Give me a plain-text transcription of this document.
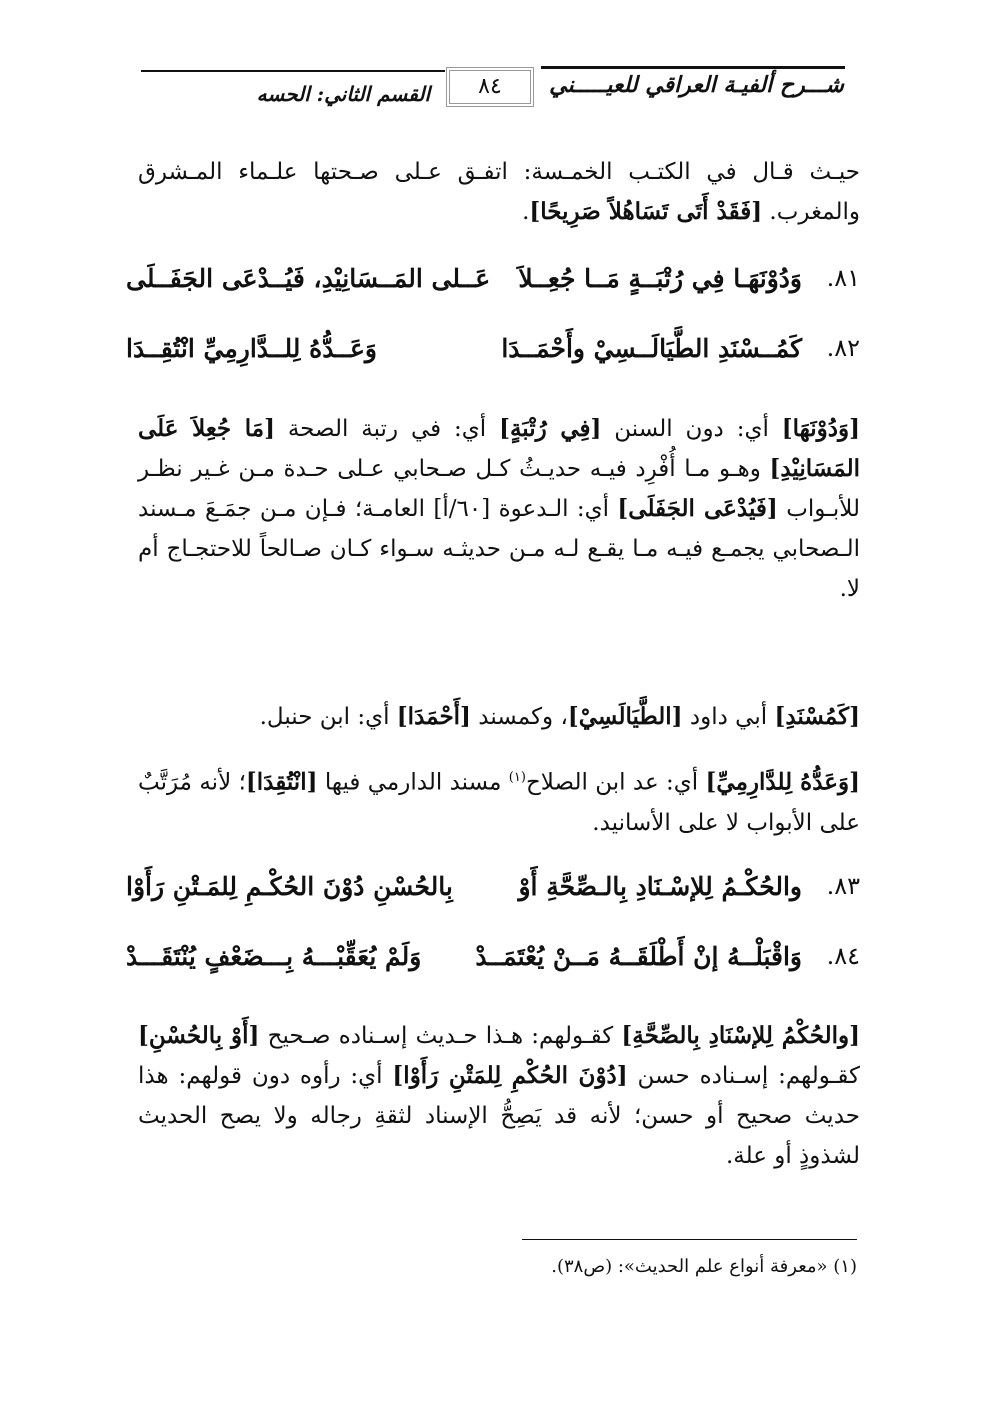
شـــرح ألفيـة العراقي للعيـــــني
٨٤
القسم الثاني: الحسه
حيـث قـال في الكتـب الخمـسة: اتفـق عـلى صـحتها علـماء المـشرق والمغرب. [فَقَدْ أَتَى تَسَاهُلاً صَرِيحًا].
٨١.
وَدُوْنَهَـا فِي رُتْبَــةٍ مَــا جُعِــلاَ
عَــلى المَــسَانِيْدِ، فَيُــدْعَى الجَفَــلَى
٨٢.
كَمُــسْنَدِ الطَّيَالَــسِيْ وأَحْمَــدَا
وَعَــدُّهُ لِلــدَّارِمِيِّ انْتُقِــدَا
[وَدُوْنَهَا] أي: دون السنن [فِي رُتْبَةٍ] أي: في رتبة الصحة [مَا جُعِلاَ عَلَى المَسَانِيْدِ] وهـو مـا أُفْرِد فيـه حديـثُ كـل صـحابي عـلى حـدة مـن غـير نظـر للأبـواب [فَيُدْعَى الجَفَلَى] أي: الـدعوة [٦٠/أ] العامـة؛ فـإن مـن جمَـعَ مـسند الـصحابي يجمـع فيـه مـا يقـع لـه مـن حديثـه سـواء كـان صـالحاً للاحتجـاج أم لا.
[كَمُسْنَدِ] أبي داود [الطَّيَالَسِيْ]، وكمسند [أَحْمَدَا] أي: ابن حنبل.
[وَعَدُّهُ لِلدَّارِمِيِّ] أي: عد ابن الصلاح$^{(١)}$ مسند الدارمي فيها [انْتُقِدَا]؛ لأنه مُرَتَّبٌ على الأبواب لا على الأسانيد.
٨٣.
والحُكْـمُ لِلإسْـنَادِ بِالـصِّحَّةِ أَوْ
بِالحُسْنِ دُوْنَ الحُكْـمِ لِلمَـتْنِ رَأَوْا
٨٤.
وَاقْبَلْــهُ إنْ أَطْلَقَــهُ مَــنْ يُعْتَمَــدْ
وَلَمْ يُعَقِّبْـــهُ بِـــضَعْفٍ يُنْتَقَـــدْ
[والحُكْمُ لِلإسْنَادِ بِالصِّحَّةِ] كقـولهم: هـذا حـديث إسـناده صـحيح [أَوْ بِالحُسْنِ] كقـولهم: إسـناده حسن [دُوْنَ الحُكْمِ لِلمَتْنِ رَأَوْا] أي: رأوه دون قولهم: هذا حديث صحيح أو حسن؛ لأنه قد يَصِحُّ الإسناد لثقةِ رجاله ولا يصح الحديث لشذوذٍ أو علة.
(١) «معرفة أنواع علم الحديث»: (ص٣٨).
